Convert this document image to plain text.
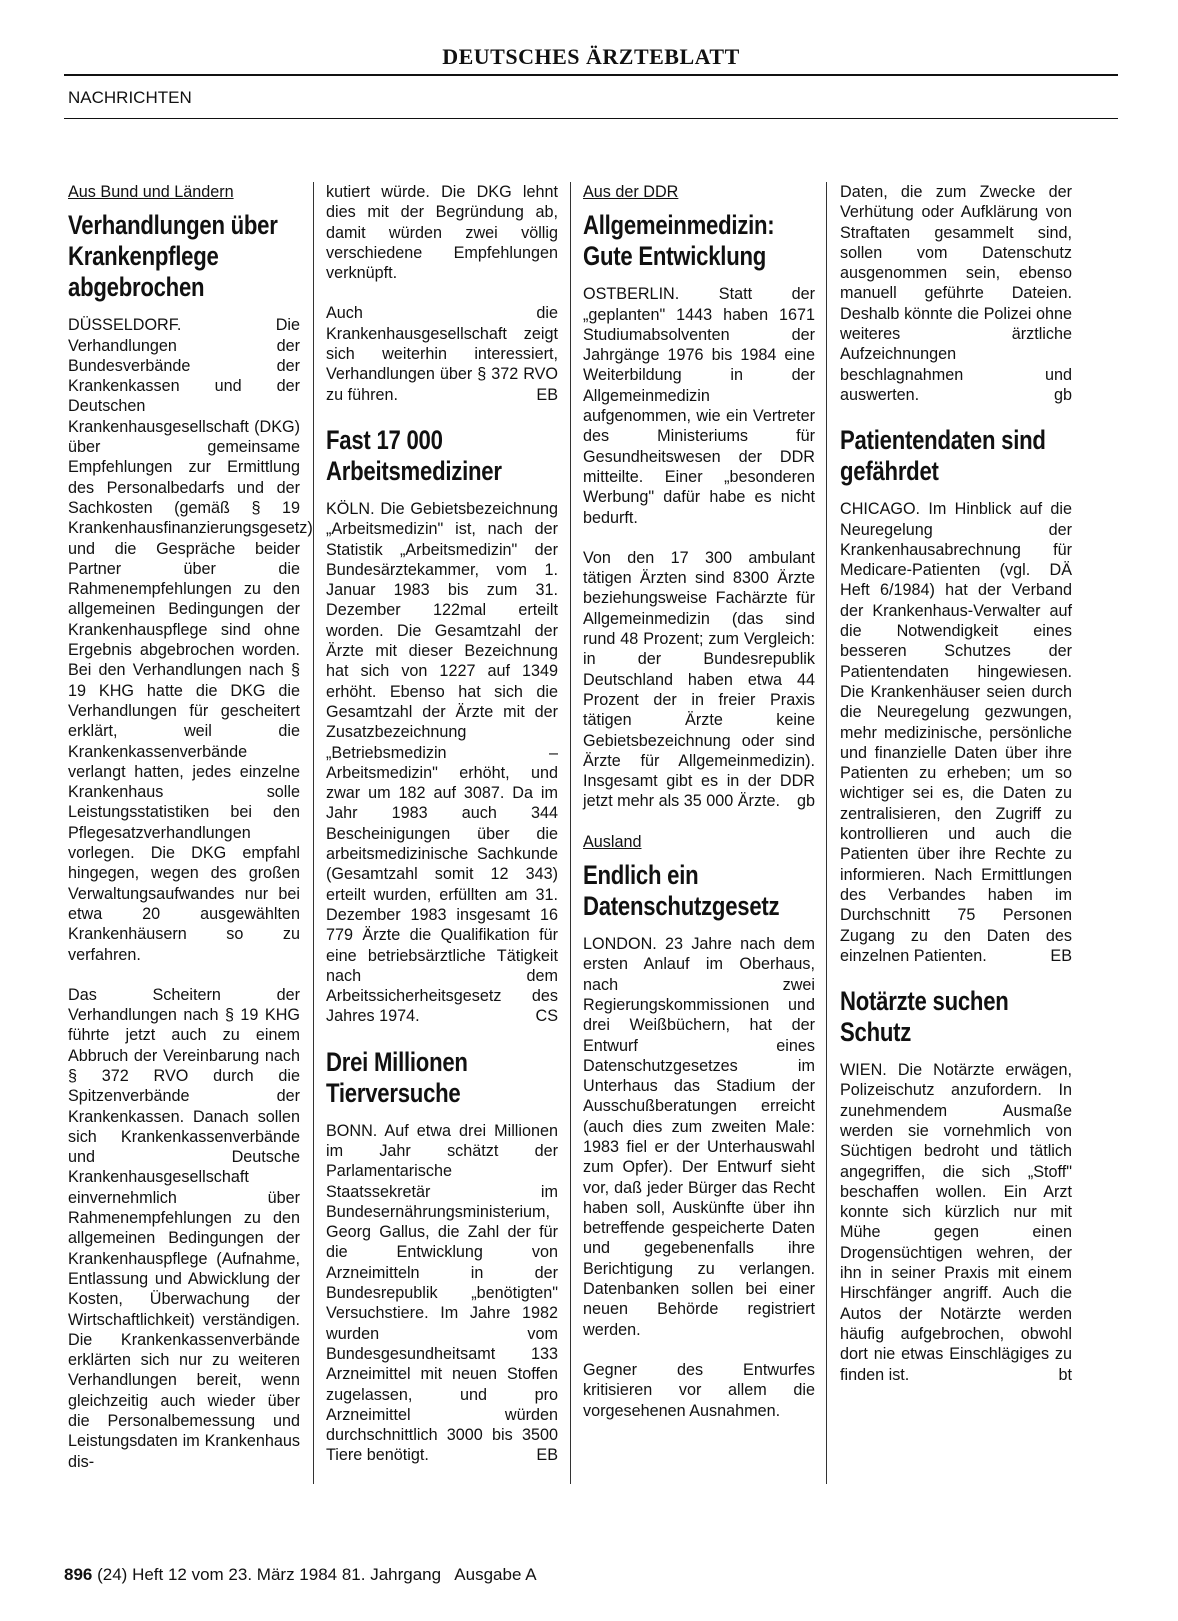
DEUTSCHES ÄRZTEBLATT
NACHRICHTEN
Aus Bund und Ländern
Verhandlungen über Krankenpflege abgebrochen

DÜSSELDORF. Die Verhandlungen der Bundesverbände der Krankenkassen und der Deutschen Krankenhausgesellschaft (DKG) über gemeinsame Empfehlungen zur Ermittlung des Personalbedarfs und der Sachkosten (gemäß § 19 Krankenhausfinanzierungsgesetz) und die Gespräche beider Partner über die Rahmenempfehlungen zu den allgemeinen Bedingungen der Krankenhauspflege sind ohne Ergebnis abgebrochen worden. Bei den Verhandlungen nach § 19 KHG hatte die DKG die Verhandlungen für gescheitert erklärt, weil die Krankenkassenverbände verlangt hatten, jedes einzelne Krankenhaus solle Leistungsstatistiken bei den Pflegesatzverhandlungen vorlegen. Die DKG empfahl hingegen, wegen des großen Verwaltungsaufwandes nur bei etwa 20 ausgewählten Krankenhäusern so zu verfahren.

Das Scheitern der Verhandlungen nach § 19 KHG führte jetzt auch zu einem Abbruch der Vereinbarung nach § 372 RVO durch die Spitzenverbände der Krankenkassen. Danach sollen sich Krankenkassenverbände und Deutsche Krankenhausgesellschaft einvernehmlich über Rahmenempfehlungen zu den allgemeinen Bedingungen der Krankenhauspflege (Aufnahme, Entlassung und Abwicklung der Kosten, Überwachung der Wirtschaftlichkeit) verständigen. Die Krankenkassenverbände erklärten sich nur zu weiteren Verhandlungen bereit, wenn gleichzeitig auch wieder über die Personalbemessung und Leistungsdaten im Krankenhaus dis-

kutiert würde. Die DKG lehnt dies mit der Begründung ab, damit würden zwei völlig verschiedene Empfehlungen verknüpft.

Auch die Krankenhausgesellschaft zeigt sich weiterhin interessiert, Verhandlungen über § 372 RVO zu führen.	EB

Fast 17 000 Arbeitsmediziner

KÖLN. Die Gebietsbezeichnung „Arbeitsmedizin" ist, nach der Statistik „Arbeitsmedizin" der Bundesärztekammer, vom 1. Januar 1983 bis zum 31. Dezember 122mal erteilt worden. Die Gesamtzahl der Ärzte mit dieser Bezeichnung hat sich von 1227 auf 1349 erhöht. Ebenso hat sich die Gesamtzahl der Ärzte mit der Zusatzbezeichnung „Betriebsmedizin – Arbeitsmedizin" erhöht, und zwar um 182 auf 3087. Da im Jahr 1983 auch 344 Bescheinigungen über die arbeitsmedizinische Sachkunde (Gesamtzahl somit 12 343) erteilt wurden, erfüllten am 31. Dezember 1983 insgesamt 16 779 Ärzte die Qualifikation für eine betriebsärztliche Tätigkeit nach dem Arbeitssicherheitsgesetz des Jahres 1974.	CS

Drei Millionen Tierversuche

BONN. Auf etwa drei Millionen im Jahr schätzt der Parlamentarische Staatssekretär im Bundesernährungsministerium, Georg Gallus, die Zahl der für die Entwicklung von Arzneimitteln in der Bundesrepublik „benötigten" Versuchstiere. Im Jahre 1982 wurden vom Bundesgesundheitsamt 133 Arzneimittel mit neuen Stoffen zugelassen, und pro Arzneimittel würden durchschnittlich 3000 bis 3500 Tiere benötigt.	EB

Aus der DDR
Allgemeinmedizin: Gute Entwicklung

OSTBERLIN. Statt der „geplanten" 1443 haben 1671 Studiumabsolventen der Jahrgänge 1976 bis 1984 eine Weiterbildung in der Allgemeinmedizin aufgenommen, wie ein Vertreter des Ministeriums für Gesundheitswesen der DDR mitteilte. Einer „besonderen Werbung" dafür habe es nicht bedurft.

Von den 17 300 ambulant tätigen Ärzten sind 8300 Ärzte beziehungsweise Fachärzte für Allgemeinmedizin (das sind rund 48 Prozent; zum Vergleich: in der Bundesrepublik Deutschland haben etwa 44 Prozent der in freier Praxis tätigen Ärzte keine Gebietsbezeichnung oder sind Ärzte für Allgemeinmedizin). Insgesamt gibt es in der DDR jetzt mehr als 35 000 Ärzte. gb

Ausland
Endlich ein Datenschutzgesetz

LONDON. 23 Jahre nach dem ersten Anlauf im Oberhaus, nach zwei Regierungskommissionen und drei Weißbüchern, hat der Entwurf eines Datenschutzgesetzes im Unterhaus das Stadium der Ausschußberatungen erreicht (auch dies zum zweiten Male: 1983 fiel er der Unterhauswahl zum Opfer). Der Entwurf sieht vor, daß jeder Bürger das Recht haben soll, Auskünfte über ihn betreffende gespeicherte Daten und gegebenenfalls ihre Berichtigung zu verlangen. Datenbanken sollen bei einer neuen Behörde registriert werden.

Gegner des Entwurfes kritisieren vor allem die vorgesehenen Ausnahmen.

Daten, die zum Zwecke der Verhütung oder Aufklärung von Straftaten gesammelt sind, sollen vom Datenschutz ausgenommen sein, ebenso manuell geführte Dateien. Deshalb könnte die Polizei ohne weiteres ärztliche Aufzeichnungen beschlagnahmen und auswerten.	gb

Patientendaten sind gefährdet

CHICAGO. Im Hinblick auf die Neuregelung der Krankenhausabrechnung für Medicare-Patienten (vgl. DÄ Heft 6/1984) hat der Verband der Krankenhaus-Verwalter auf die Notwendigkeit eines besseren Schutzes der Patientendaten hingewiesen. Die Krankenhäuser seien durch die Neuregelung gezwungen, mehr medizinische, persönliche und finanzielle Daten über ihre Patienten zu erheben; um so wichtiger sei es, die Daten zu zentralisieren, den Zugriff zu kontrollieren und auch die Patienten über ihre Rechte zu informieren. Nach Ermittlungen des Verbandes haben im Durchschnitt 75 Personen Zugang zu den Daten des einzelnen Patienten.	EB

Notärzte suchen Schutz

WIEN. Die Notärzte erwägen, Polizeischutz anzufordern. In zunehmendem Ausmaße werden sie vornehmlich von Süchtigen bedroht und tätlich angegriffen, die sich „Stoff" beschaffen wollen. Ein Arzt konnte sich kürzlich nur mit Mühe gegen einen Drogensüchtigen wehren, der ihn in seiner Praxis mit einem Hirschfänger angriff. Auch die Autos der Notärzte werden häufig aufgebrochen, obwohl dort nie etwas Einschlägiges zu finden ist.	bt

896 (24) Heft 12 vom 23. März 1984 81. Jahrgang   Ausgabe A
